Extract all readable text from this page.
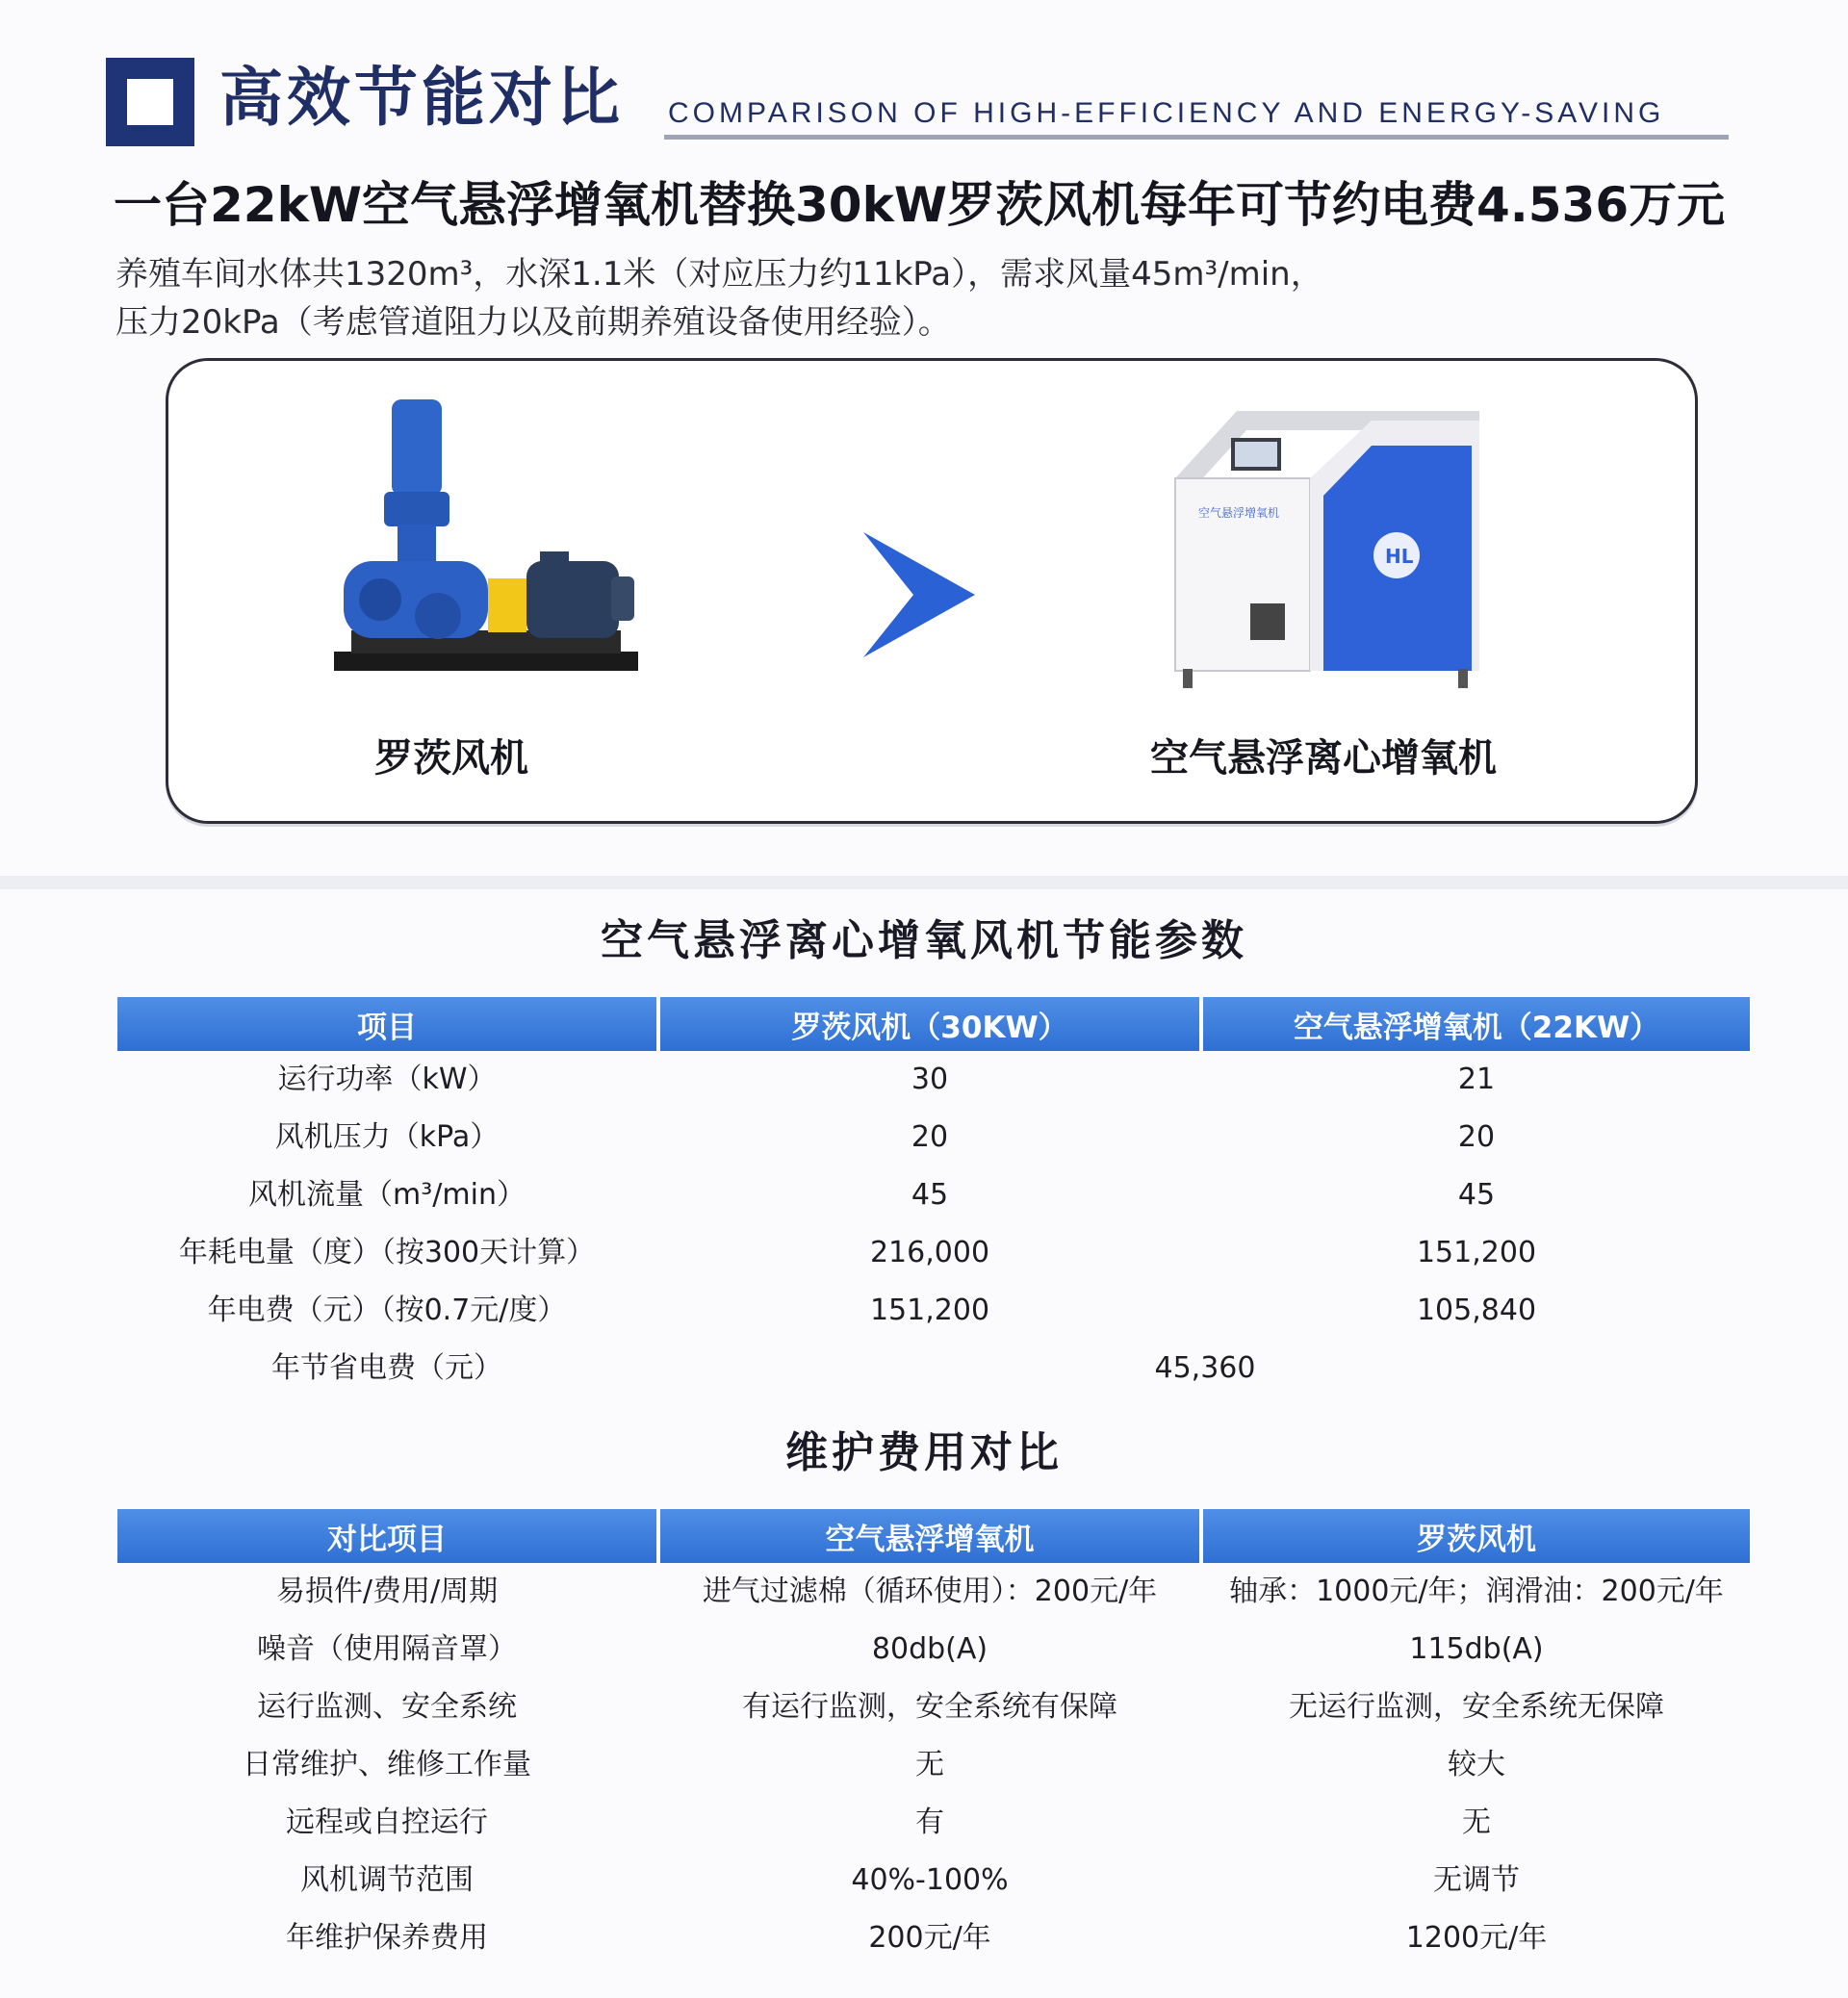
高效节能对比 COMPARISON OF HIGH-EFFICIENCY AND ENERGY-SAVING
一台22kW空气悬浮增氧机替换30kW罗茨风机每年可节约电费4.536万元
养殖车间水体共1320m³，水深1.1米（对应压力约11kPa），需求风量45m³/min，
压力20kPa（考虑管道阻力以及前期养殖设备使用经验）。
罗茨风机
空气悬浮增氧机
HL
空气悬浮离心增氧机
空气悬浮离心增氧风机节能参数
项目	罗茨风机（30KW）	空气悬浮增氧机（22KW）
运行功率（kW）	30	21
风机压力（kPa）	20	20
风机流量（m³/min）	45	45
年耗电量（度）（按300天计算）	216,000	151,200
年电费（元）（按0.7元/度）	151,200	105,840
年节省电费（元）	45,360	
维护费用对比
对比项目	空气悬浮增氧机	罗茨风机
易损件/费用/周期	进气过滤棉（循环使用）：200元/年	轴承：1000元/年；润滑油：200元/年
噪音（使用隔音罩）	80db(A)	115db(A)
运行监测、安全系统	有运行监测，安全系统有保障	无运行监测，安全系统无保障
日常维护、维修工作量	无	较大
远程或自控运行	有	无
风机调节范围	40%-100%	无调节
年维护保养费用	200元/年	1200元/年
